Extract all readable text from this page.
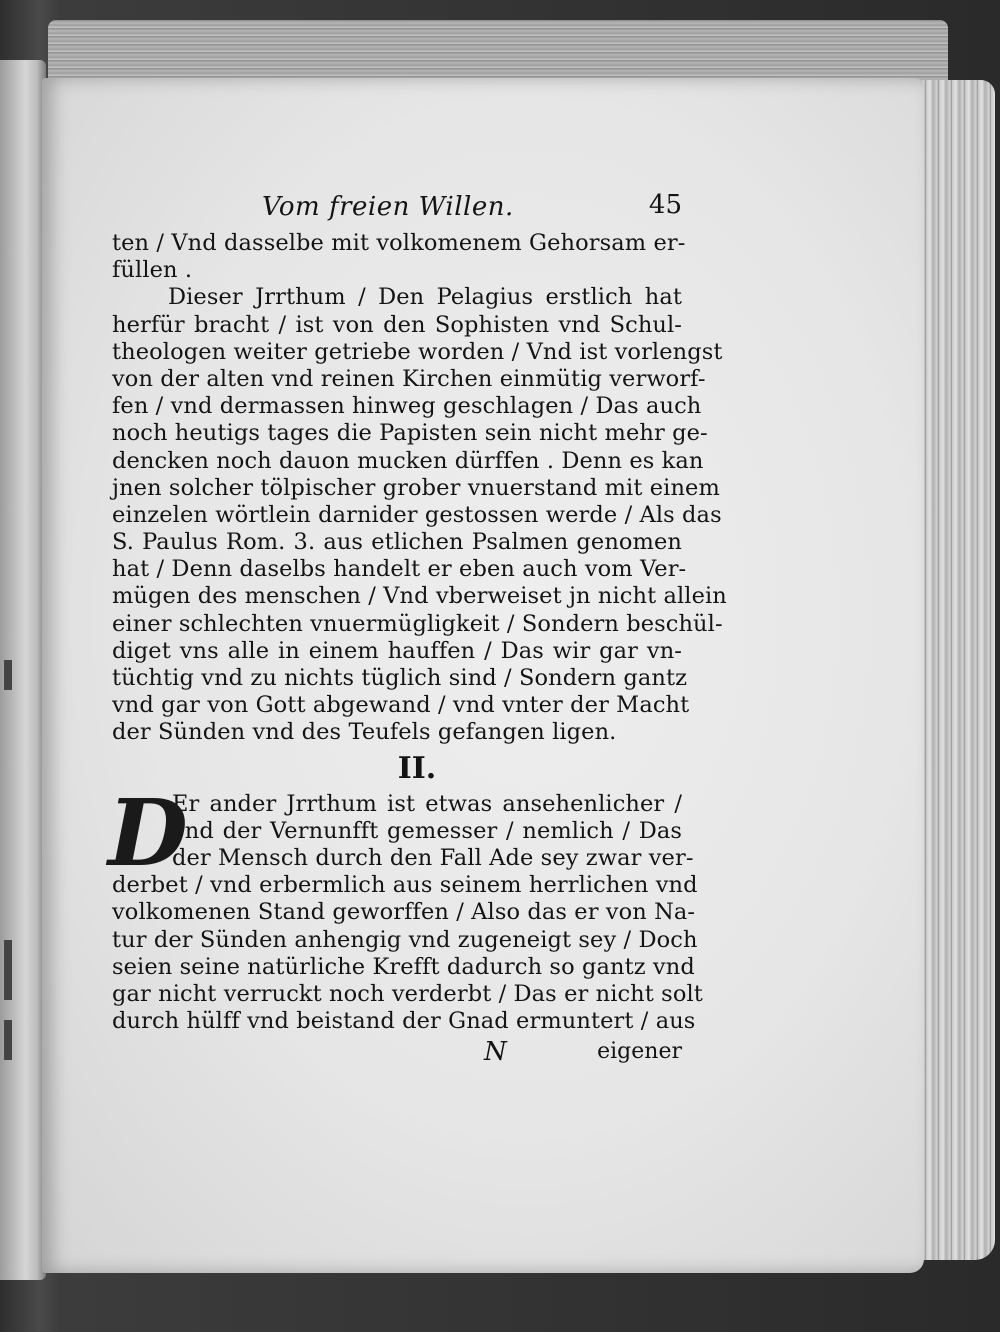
Vom freien Willen.	45
ten / Vnd dasselbe mit volkomenem Gehorsam er-
füllen .
Dieser Jrrthum / Den Pelagius erstlich hat
herfür bracht / ist von den Sophisten vnd Schul-
theologen weiter getriebe worden / Vnd ist vorlengst
von der alten vnd reinen Kirchen einmütig verworf-
fen / vnd dermassen hinweg geschlagen / Das auch
noch heutigs tages die Papisten sein nicht mehr ge-
dencken noch dauon mucken dürffen . Denn es kan
jnen solcher tölpischer grober vnuerstand mit einem
einzelen wörtlein darnider gestossen werde / Als das
S. Paulus Rom. 3. aus etlichen Psalmen genomen
hat / Denn daselbs handelt er eben auch vom Ver-
mügen des menschen / Vnd vberweiset jn nicht allein
einer schlechten vnuermügligkeit / Sondern beschül-
diget vns alle in einem hauffen / Das wir gar vn-
tüchtig vnd zu nichts tüglich sind / Sondern gantz
vnd gar von Gott abgewand / vnd vnter der Macht
der Sünden vnd des Teufels gefangen ligen.
II.
D
Er ander Jrrthum ist etwas ansehenlicher /
vnd der Vernunfft gemesser / nemlich / Das
der Mensch durch den Fall Ade sey zwar ver-
derbet / vnd erbermlich aus seinem herrlichen vnd
volkomenen Stand geworffen / Also das er von Na-
tur der Sünden anhengig vnd zugeneigt sey / Doch
seien seine natürliche Krefft dadurch so gantz vnd
gar nicht verruckt noch verderbt / Das er nicht solt
durch hülff vnd beistand der Gnad ermuntert / aus
N	eigener
